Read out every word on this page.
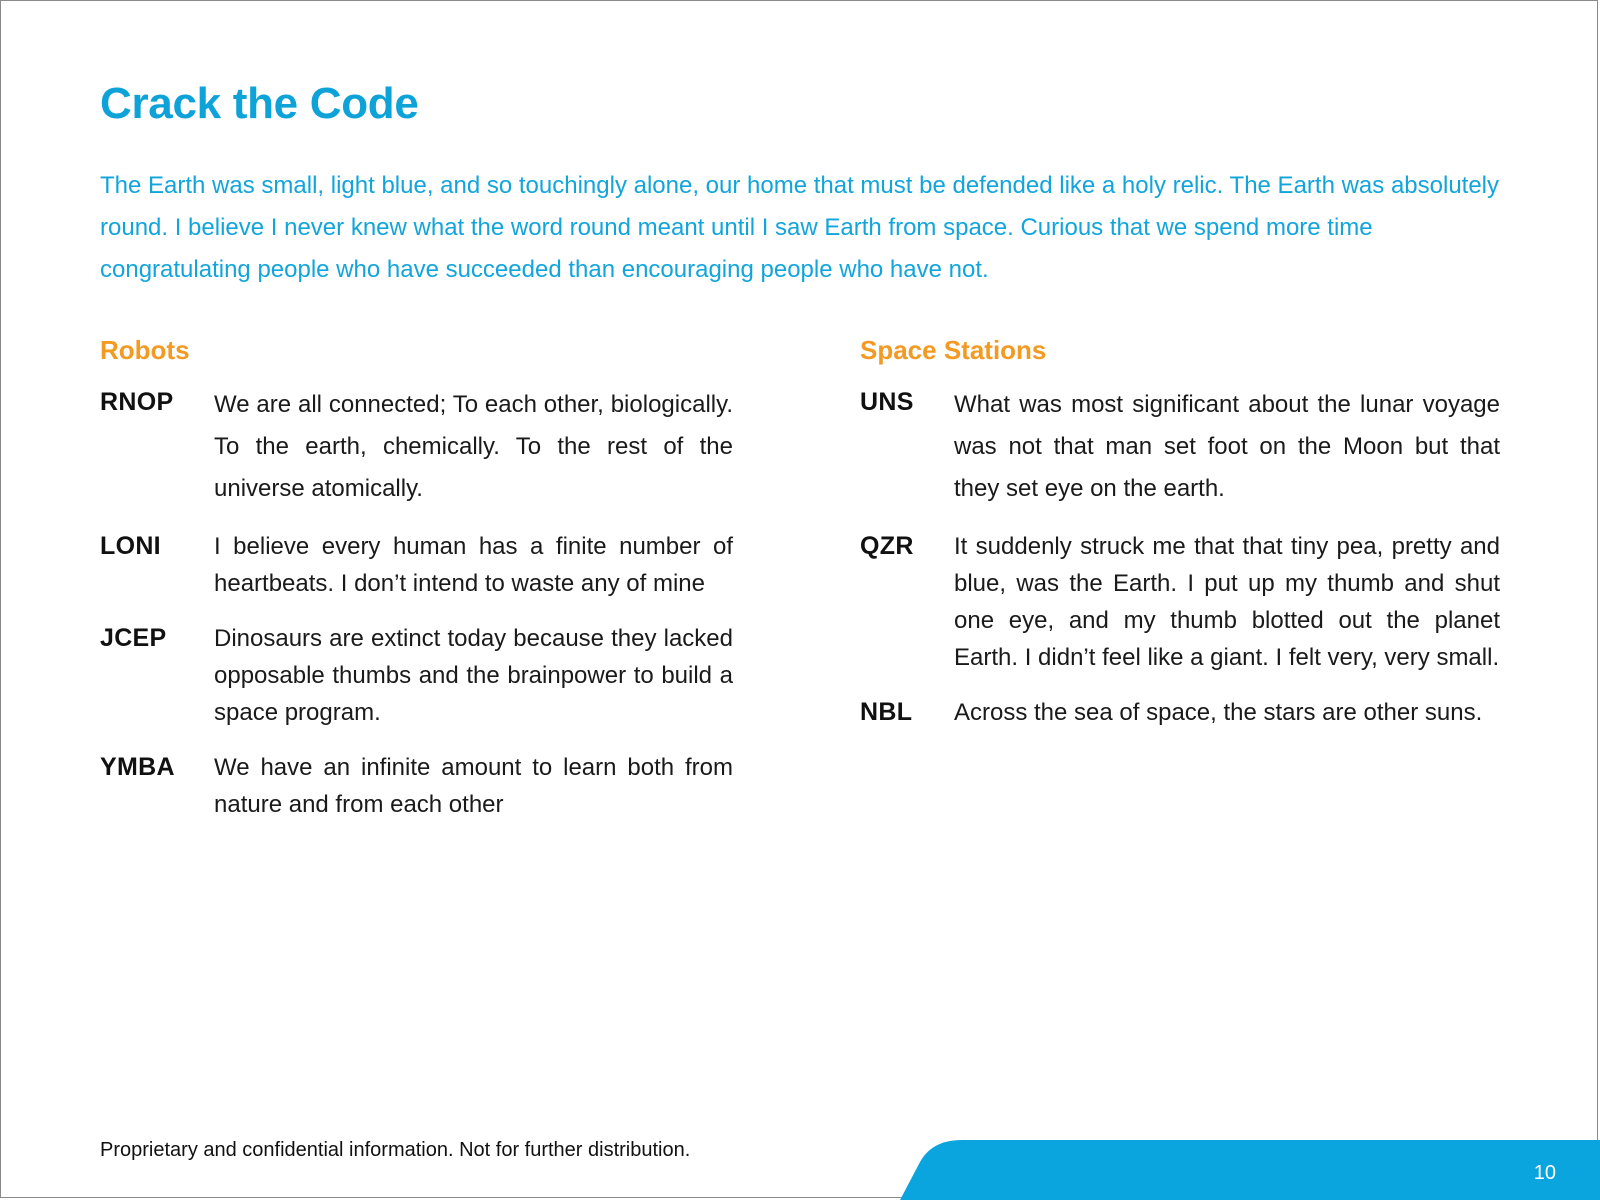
Crack the Code

The Earth was small, light blue, and so touchingly alone, our home that must be defended like a holy relic. The Earth was absolutely round. I believe I never knew what the word round meant until I saw Earth from space. Curious that we spend more time congratulating people who have succeeded than encouraging people who have not.

Robots
RNOP	We are all connected; To each other, biologically. To the earth, chemically. To the rest of the universe atomically.
LONI	I believe every human has a finite number of heartbeats. I don’t intend to waste any of mine
JCEP	Dinosaurs are extinct today because they lacked opposable thumbs and the brainpower to build a space program.
YMBA	We have an infinite amount to learn both from nature and from each other
Space Stations
UNS	What was most significant about the lunar voyage was not that man set foot on the Moon but that they set eye on the earth.
QZR	It suddenly struck me that that tiny pea, pretty and blue, was the Earth. I put up my thumb and shut one eye, and my thumb blotted out the planet Earth. I didn’t feel like a giant. I felt very, very small.
NBL	Across the sea of space, the stars are other suns.
Proprietary and confidential information. Not for further distribution.
10
